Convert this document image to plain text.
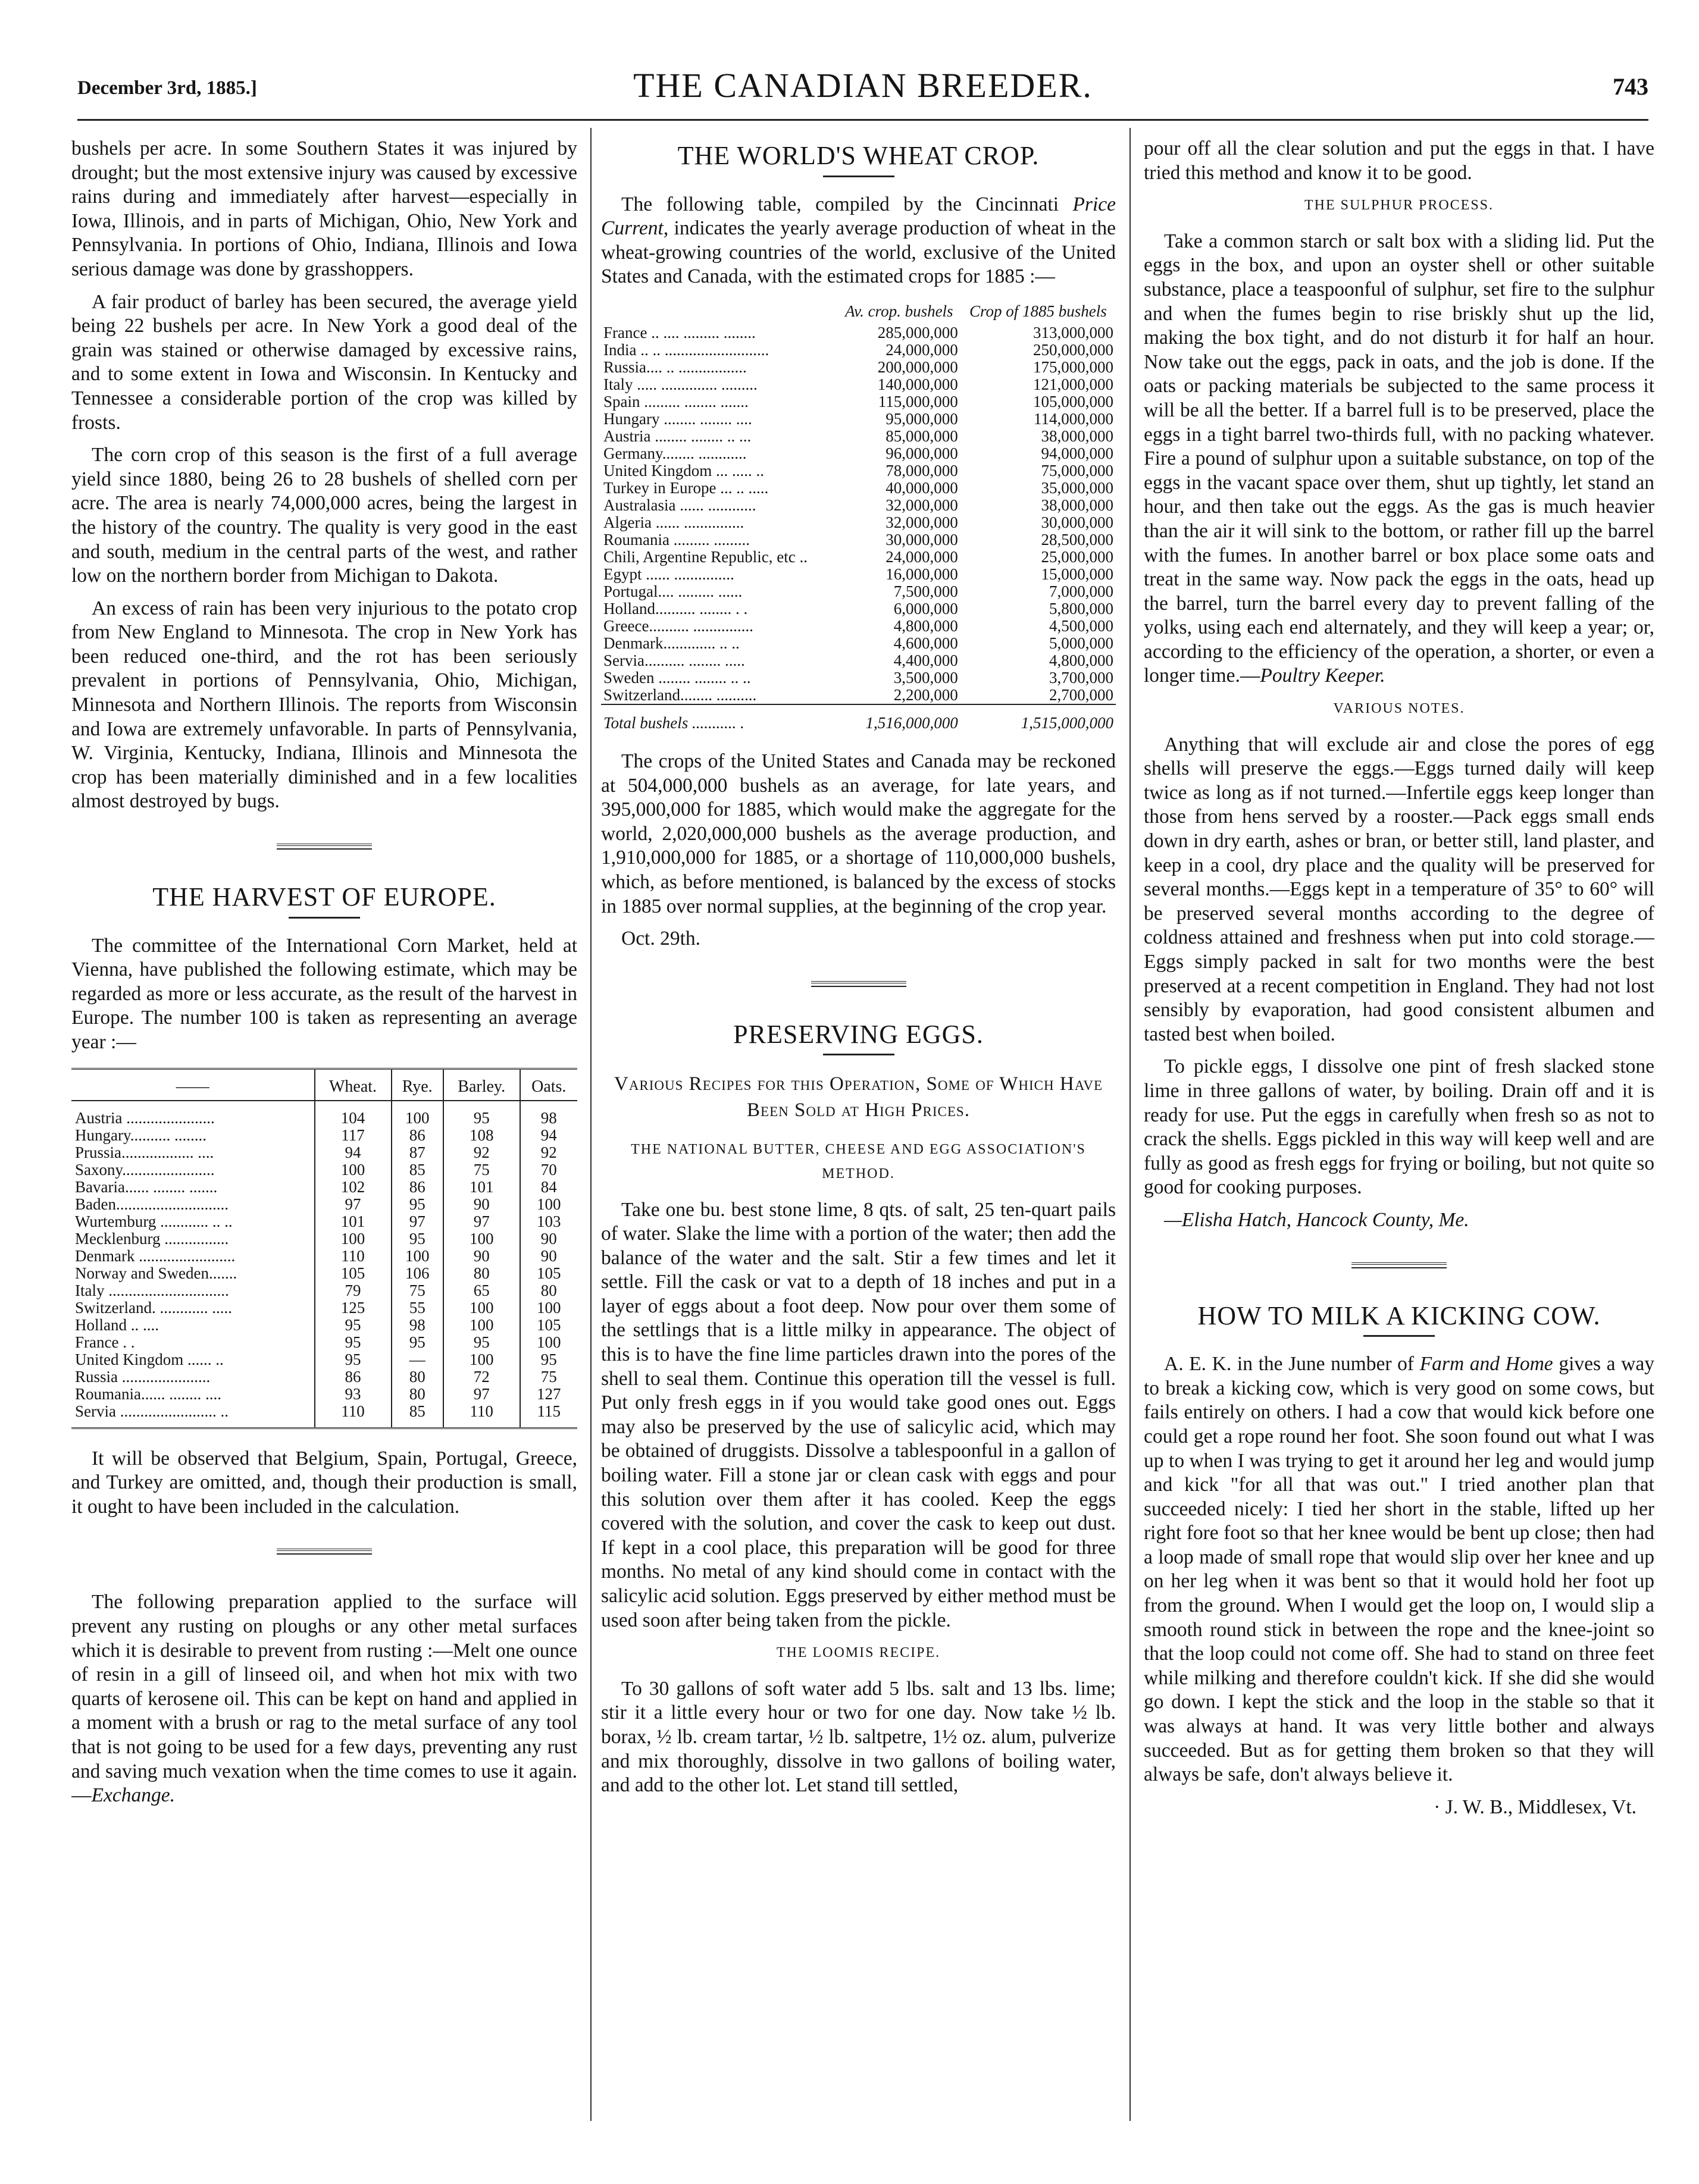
December 3rd, 1885.]	THE CANADIAN BREEDER.	743

bushels per acre. In some Southern States it was injured by drought; but the most extensive injury was caused by excessive rains during and immediately after harvest—especially in Iowa, Illinois, and in parts of Michigan, Ohio, New York and Pennsylvania. In portions of Ohio, Indiana, Illinois and Iowa serious damage was done by grasshoppers.

A fair product of barley has been secured, the average yield being 22 bushels per acre. In New York a good deal of the grain was stained or otherwise damaged by excessive rains, and to some extent in Iowa and Wisconsin. In Kentucky and Tennessee a considerable portion of the crop was killed by frosts.

The corn crop of this season is the first of a full average yield since 1880, being 26 to 28 bushels of shelled corn per acre. The area is nearly 74,000,000 acres, being the largest in the history of the country. The quality is very good in the east and south, medium in the central parts of the west, and rather low on the northern border from Michigan to Dakota.

An excess of rain has been very injurious to the potato crop from New England to Minnesota. The crop in New York has been reduced one-third, and the rot has been seriously prevalent in portions of Pennsylvania, Ohio, Michigan, Minnesota and Northern Illinois. The reports from Wisconsin and Iowa are extremely unfavorable. In parts of Pennsylvania, W. Virginia, Kentucky, Indiana, Illinois and Minnesota the crop has been materially diminished and in a few localities almost destroyed by bugs.

THE HARVEST OF EUROPE.

The committee of the International Corn Market, held at Vienna, have published the following estimate, which may be regarded as more or less accurate, as the result of the harvest in Europe. The number 100 is taken as representing an average year :—

——	Wheat.	Rye.	Barley.	Oats.
Austria ......................	104	100	95	98
Hungary.......... ........	117	86	108	94
Prussia.................. ....	94	87	92	92
Saxony.......................	100	85	75	70
Bavaria...... ........ .......	102	86	101	84
Baden............................	97	95	90	100
Wurtemburg ............ .. ..	101	97	97	103
Mecklenburg ................	100	95	100	90
Denmark ........................	110	100	90	90
Norway and Sweden.......	105	106	80	105
Italy ..............................	79	75	65	80
Switzerland. ............ .....	125	55	100	100
Holland .. ....	95	98	100	105
France . .	95	95	95	100
United Kingdom ...... ..	95	—	100	95
Russia ......................	86	80	72	75
Roumania...... ........ ....	93	80	97	127
Servia ........................ ..	110	85	110	115

It will be observed that Belgium, Spain, Portugal, Greece, and Turkey are omitted, and, though their production is small, it ought to have been included in the calculation.

The following preparation applied to the surface will prevent any rusting on ploughs or any other metal surfaces which it is desirable to prevent from rusting :—Melt one ounce of resin in a gill of linseed oil, and when hot mix with two quarts of kerosene oil. This can be kept on hand and applied in a moment with a brush or rag to the metal surface of any tool that is not going to be used for a few days, preventing any rust and saving much vexation when the time comes to use it again.—Exchange.

THE WORLD'S WHEAT CROP.

The following table, compiled by the Cincinnati Price Current, indicates the yearly average production of wheat in the wheat-growing countries of the world, exclusive of the United States and Canada, with the estimated crops for 1885 :—

	Av. crop. bushels	Crop of 1885 bushels
France .. .... ......... ........	285,000,000	313,000,000
India .. .. ..........................	24,000,000	250,000,000
Russia.... .. .................	200,000,000	175,000,000
Italy ..... .............. .........	140,000,000	121,000,000
Spain ......... ........ .......	115,000,000	105,000,000
Hungary ........ ........ ....	95,000,000	114,000,000
Austria ........ ........ .. ...	85,000,000	38,000,000
Germany........ ............	96,000,000	94,000,000
United Kingdom ... ..... ..	78,000,000	75,000,000
Turkey in Europe ... .. .....	40,000,000	35,000,000
Australasia ...... ............	32,000,000	38,000,000
Algeria ...... ...............	32,000,000	30,000,000
Roumania ......... .........	30,000,000	28,500,000
Chili, Argentine Republic, etc ..	24,000,000	25,000,000
Egypt ...... ...............	16,000,000	15,000,000
Portugal.... ......... ......	7,500,000	7,000,000
Holland.......... ........ . .	6,000,000	5,800,000
Greece.......... ...............	4,800,000	4,500,000
Denmark............. .. ..	4,600,000	5,000,000
Servia.......... ........ .....	4,400,000	4,800,000
Sweden ........ ........ .. ..	3,500,000	3,700,000
Switzerland........ ..........	2,200,000	2,700,000
Total bushels ........... .	1,516,000,000	1,515,000,000

The crops of the United States and Canada may be reckoned at 504,000,000 bushels as an average, for late years, and 395,000,000 for 1885, which would make the aggregate for the world, 2,020,000,000 bushels as the average production, and 1,910,000,000 for 1885, or a shortage of 110,000,000 bushels, which, as before mentioned, is balanced by the excess of stocks in 1885 over normal supplies, at the beginning of the crop year.

Oct. 29th.

PRESERVING EGGS.
Various Recipes for this Operation, Some of Which Have Been Sold at High Prices.
THE NATIONAL BUTTER, CHEESE AND EGG ASSOCIATION'S METHOD.

Take one bu. best stone lime, 8 qts. of salt, 25 ten-quart pails of water. Slake the lime with a portion of the water; then add the balance of the water and the salt. Stir a few times and let it settle. Fill the cask or vat to a depth of 18 inches and put in a layer of eggs about a foot deep. Now pour over them some of the settlings that is a little milky in appearance. The object of this is to have the fine lime particles drawn into the pores of the shell to seal them. Continue this operation till the vessel is full. Put only fresh eggs in if you would take good ones out. Eggs may also be preserved by the use of salicylic acid, which may be obtained of druggists. Dissolve a tablespoonful in a gallon of boiling water. Fill a stone jar or clean cask with eggs and pour this solution over them after it has cooled. Keep the eggs covered with the solution, and cover the cask to keep out dust. If kept in a cool place, this preparation will be good for three months. No metal of any kind should come in contact with the salicylic acid solution. Eggs preserved by either method must be used soon after being taken from the pickle.

THE LOOMIS RECIPE.

To 30 gallons of soft water add 5 lbs. salt and 13 lbs. lime; stir it a little every hour or two for one day. Now take ½ lb. borax, ½ lb. cream tartar, ½ lb. saltpetre, 1½ oz. alum, pulverize and mix thoroughly, dissolve in two gallons of boiling water, and add to the other lot. Let stand till settled,

pour off all the clear solution and put the eggs in that. I have tried this method and know it to be good.

THE SULPHUR PROCESS.

Take a common starch or salt box with a sliding lid. Put the eggs in the box, and upon an oyster shell or other suitable substance, place a teaspoonful of sulphur, set fire to the sulphur and when the fumes begin to rise briskly shut up the lid, making the box tight, and do not disturb it for half an hour. Now take out the eggs, pack in oats, and the job is done. If the oats or packing materials be subjected to the same process it will be all the better. If a barrel full is to be preserved, place the eggs in a tight barrel two-thirds full, with no packing whatever. Fire a pound of sulphur upon a suitable substance, on top of the eggs in the vacant space over them, shut up tightly, let stand an hour, and then take out the eggs. As the gas is much heavier than the air it will sink to the bottom, or rather fill up the barrel with the fumes. In another barrel or box place some oats and treat in the same way. Now pack the eggs in the oats, head up the barrel, turn the barrel every day to prevent falling of the yolks, using each end alternately, and they will keep a year; or, according to the efficiency of the operation, a shorter, or even a longer time.—Poultry Keeper.

VARIOUS NOTES.

Anything that will exclude air and close the pores of egg shells will preserve the eggs.—Eggs turned daily will keep twice as long as if not turned.—Infertile eggs keep longer than those from hens served by a rooster.—Pack eggs small ends down in dry earth, ashes or bran, or better still, land plaster, and keep in a cool, dry place and the quality will be preserved for several months.—Eggs kept in a temperature of 35° to 60° will be preserved several months according to the degree of coldness attained and freshness when put into cold storage.—Eggs simply packed in salt for two months were the best preserved at a recent competition in England. They had not lost sensibly by evaporation, had good consistent albumen and tasted best when boiled.

To pickle eggs, I dissolve one pint of fresh slacked stone lime in three gallons of water, by boiling. Drain off and it is ready for use. Put the eggs in carefully when fresh so as not to crack the shells. Eggs pickled in this way will keep well and are fully as good as fresh eggs for frying or boiling, but not quite so good for cooking purposes.

—Elisha Hatch, Hancock County, Me.

HOW TO MILK A KICKING COW.

A. E. K. in the June number of Farm and Home gives a way to break a kicking cow, which is very good on some cows, but fails entirely on others. I had a cow that would kick before one could get a rope round her foot. She soon found out what I was up to when I was trying to get it around her leg and would jump and kick "for all that was out." I tried another plan that succeeded nicely: I tied her short in the stable, lifted up her right fore foot so that her knee would be bent up close; then had a loop made of small rope that would slip over her knee and up on her leg when it was bent so that it would hold her foot up from the ground. When I would get the loop on, I would slip a smooth round stick in between the rope and the knee-joint so that the loop could not come off. She had to stand on three feet while milking and therefore couldn't kick. If she did she would go down. I kept the stick and the loop in the stable so that it was always at hand. It was very little bother and always succeeded. But as for getting them broken so that they will always be safe, don't always believe it.

· J. W. B., Middlesex, Vt.
